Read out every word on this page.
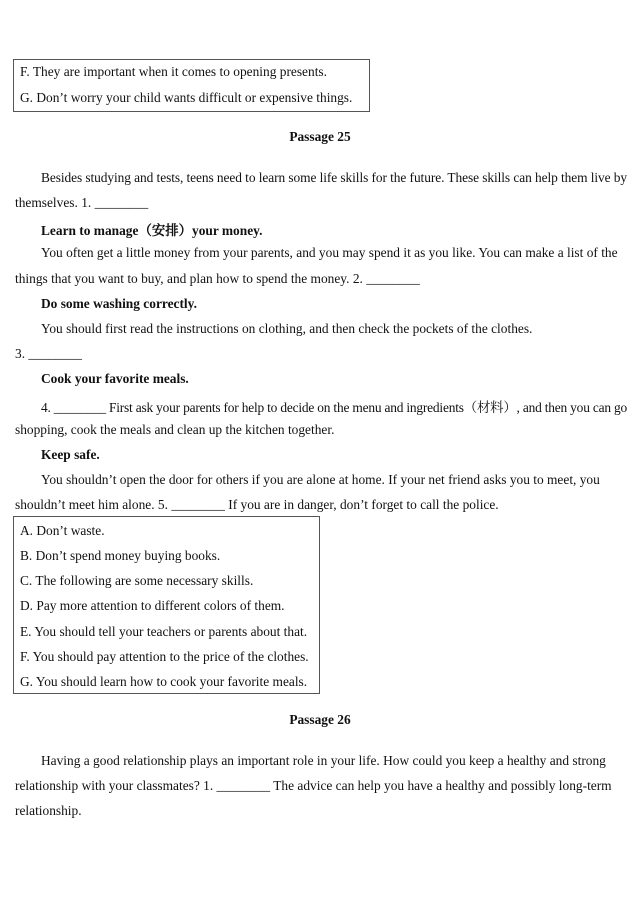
F. They are important when it comes to opening presents.
G. Don’t worry your child wants difficult or expensive things.
Passage 25
Besides studying and tests, teens need to learn some life skills for the future. These skills can help them live by
themselves. 1. ________
Learn to manage（安排）your money.
You often get a little money from your parents, and you may spend it as you like. You can make a list of the
things that you want to buy, and plan how to spend the money. 2. ________
Do some washing correctly.
You should first read the instructions on clothing, and then check the pockets of the clothes.
3. ________
Cook your favorite meals.
4. ________ First ask your parents for help to decide on the menu and ingredients（材料）, and then you can go
shopping, cook the meals and clean up the kitchen together.
Keep safe.
You shouldn’t open the door for others if you are alone at home. If your net friend asks you to meet, you
shouldn’t meet him alone. 5. ________ If you are in danger, don’t forget to call the police.
A. Don’t waste.
B. Don’t spend money buying books.
C. The following are some necessary skills.
D. Pay more attention to different colors of them.
E. You should tell your teachers or parents about that.
F. You should pay attention to the price of the clothes.
G. You should learn how to cook your favorite meals.
Passage 26
Having a good relationship plays an important role in your life. How could you keep a healthy and strong
relationship with your classmates? 1. ________ The advice can help you have a healthy and possibly long-term
relationship.
